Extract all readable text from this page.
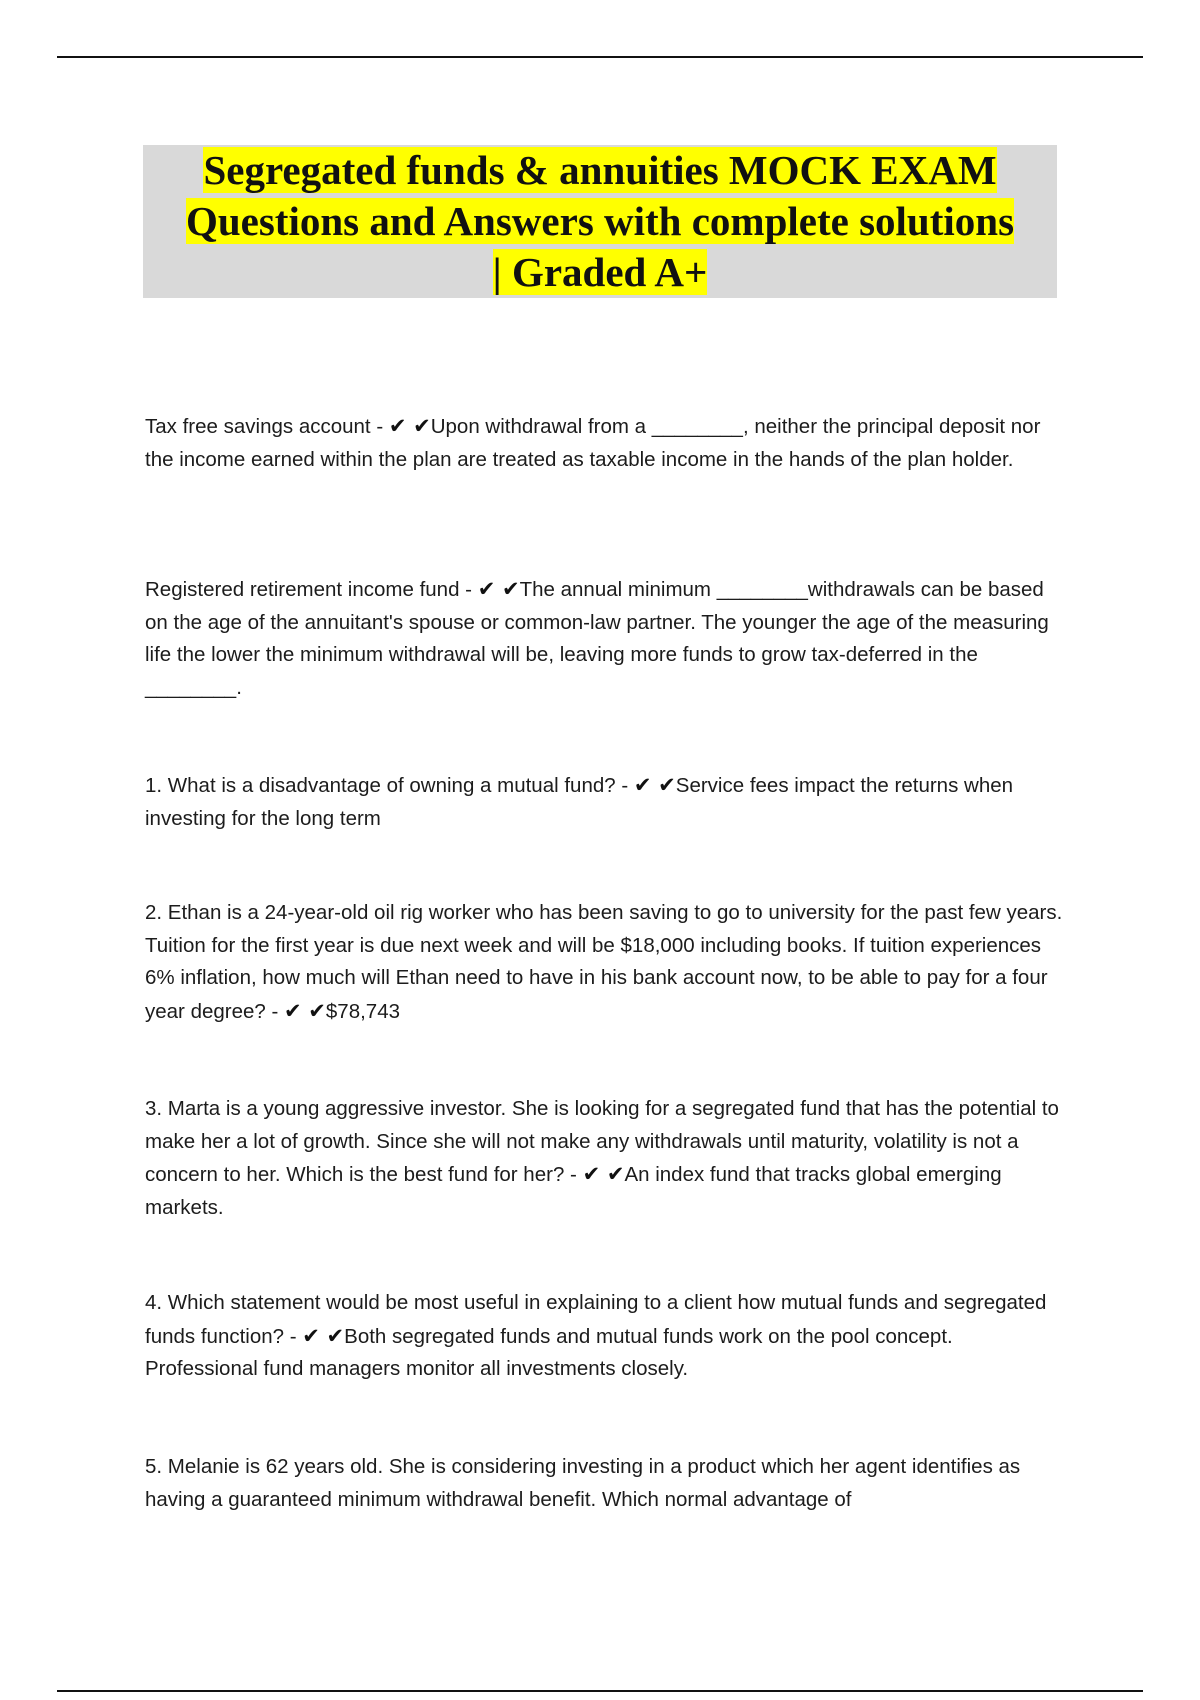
Segregated funds & annuities MOCK EXAM
Questions and Answers with complete solutions
| Graded A+
Tax free savings account - ✔ ✔Upon withdrawal from a ________, neither the principal deposit nor the income earned within the plan are treated as taxable income in the hands of the plan holder.
Registered retirement income fund - ✔ ✔The annual minimum ________withdrawals can be based on the age of the annuitant's spouse or common-law partner. The younger the age of the measuring life the lower the minimum withdrawal will be, leaving more funds to grow tax-deferred in the ________.
1. What is a disadvantage of owning a mutual fund? - ✔ ✔Service fees impact the returns when investing for the long term
2. Ethan is a 24-year-old oil rig worker who has been saving to go to university for the past few years. Tuition for the first year is due next week and will be $18,000 including books. If tuition experiences 6% inflation, how much will Ethan need to have in his bank account now, to be able to pay for a four year degree? - ✔ ✔$78,743
3. Marta is a young aggressive investor. She is looking for a segregated fund that has the potential to make her a lot of growth. Since she will not make any withdrawals until maturity, volatility is not a concern to her. Which is the best fund for her? - ✔ ✔An index fund that tracks global emerging markets.
4. Which statement would be most useful in explaining to a client how mutual funds and segregated funds function? - ✔ ✔Both segregated funds and mutual funds work on the pool concept. Professional fund managers monitor all investments closely.
5. Melanie is 62 years old. She is considering investing in a product which her agent identifies as having a guaranteed minimum withdrawal benefit. Which normal advantage of
